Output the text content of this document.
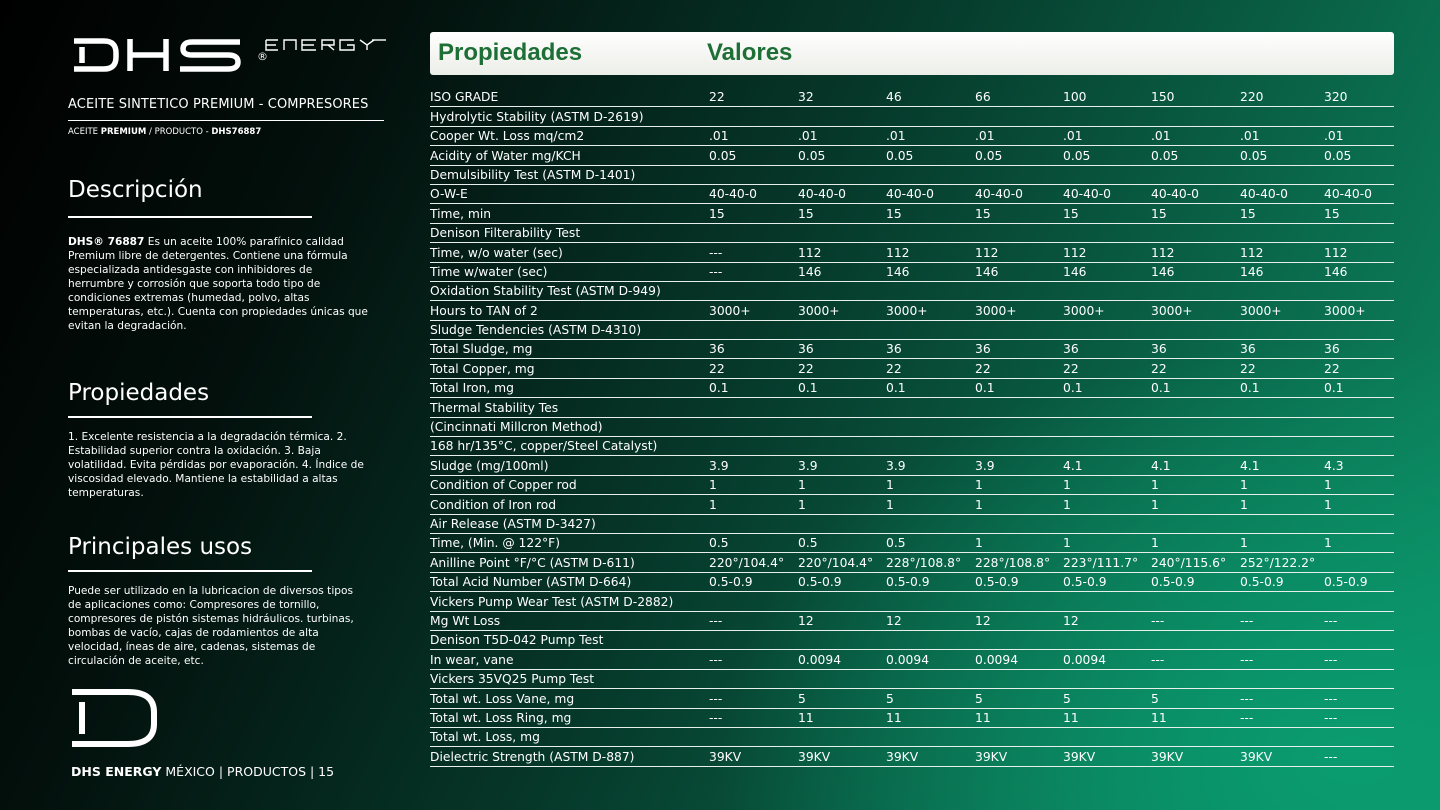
®
ACEITE SINTETICO PREMIUM - COMPRESORES
ACEITE PREMIUM / PRODUCTO - DHS76887
Descripción

DHS® 76887 Es un aceite 100% parafínico calidad Premium libre de detergentes. Contiene una fórmula especializada antidesgaste con inhibidores de herrumbre y corrosión que soporta todo tipo de condiciones extremas (humedad, polvo, altas temperaturas, etc.). Cuenta con propiedades únicas que evitan la degradación.

Propiedades

1. Excelente resistencia a la degradación térmica. 2. Estabilidad superior contra la oxidación. 3. Baja volatilidad. Evita pérdidas por evaporación. 4. Índice de viscosidad elevado. Mantiene la estabilidad a altas temperaturas.

Principales usos

Puede ser utilizado en la lubricacion de diversos tipos de aplicaciones como: Compresores de tornillo, compresores de pistón sistemas hidráulicos. turbinas, bombas de vacío, cajas de rodamientos de alta velocidad, íneas de aire, cadenas, sistemas de circulación de aceite, etc.

DHS ENERGY MÉXICO | PRODUCTOS | 15
Propiedades	Valores
ISO GRADE	22	32	46	66	100	150	220	320
Hydrolytic Stability (ASTM D-2619)								
Cooper Wt. Loss mq/cm2	.01	.01	.01	.01	.01	.01	.01	.01
Acidity of Water mg/KCH	0.05	0.05	0.05	0.05	0.05	0.05	0.05	0.05
Demulsibility Test (ASTM D-1401)								
O-W-E	40-40-0	40-40-0	40-40-0	40-40-0	40-40-0	40-40-0	40-40-0	40-40-0
Time, min	15	15	15	15	15	15	15	15
Denison Filterability Test								
Time, w/o water (sec)	---	112	112	112	112	112	112	112
Time w/water (sec)	---	146	146	146	146	146	146	146
Oxidation Stability Test (ASTM D-949)								
Hours to TAN of 2	3000+	3000+	3000+	3000+	3000+	3000+	3000+	3000+
Sludge Tendencies (ASTM D-4310)								
Total Sludge, mg	36	36	36	36	36	36	36	36
Total Copper, mg	22	22	22	22	22	22	22	22
Total Iron, mg	0.1	0.1	0.1	0.1	0.1	0.1	0.1	0.1
Thermal Stability Tes								
(Cincinnati Millcron Method)								
168 hr/135°C, copper/Steel Catalyst)								
Sludge (mg/100ml)	3.9	3.9	3.9	3.9	4.1	4.1	4.1	4.3
Condition of Copper rod	1	1	1	1	1	1	1	1
Condition of Iron rod	1	1	1	1	1	1	1	1
Air Release (ASTM D-3427)								
Time, (Min. @ 122°F)	0.5	0.5	0.5	1	1	1	1	1
Anilline Point °F/°C (ASTM D-611)	220°/104.4°	220°/104.4°	228°/108.8°	228°/108.8°	223°/111.7°	240°/115.6°	252°/122.2°	
Total Acid Number (ASTM D-664)	0.5-0.9	0.5-0.9	0.5-0.9	0.5-0.9	0.5-0.9	0.5-0.9	0.5-0.9	0.5-0.9
Vickers Pump Wear Test (ASTM D-2882)								
Mg Wt Loss	---	12	12	12	12	---	---	---
Denison T5D-042 Pump Test								
In wear, vane	---	0.0094	0.0094	0.0094	0.0094	---	---	---
Vickers 35VQ25 Pump Test								
Total wt. Loss Vane, mg	---	5	5	5	5	5	---	---
Total wt. Loss Ring, mg	---	11	11	11	11	11	---	---
Total wt. Loss, mg								
Dielectric Strength (ASTM D-887)	39KV	39KV	39KV	39KV	39KV	39KV	39KV	---
